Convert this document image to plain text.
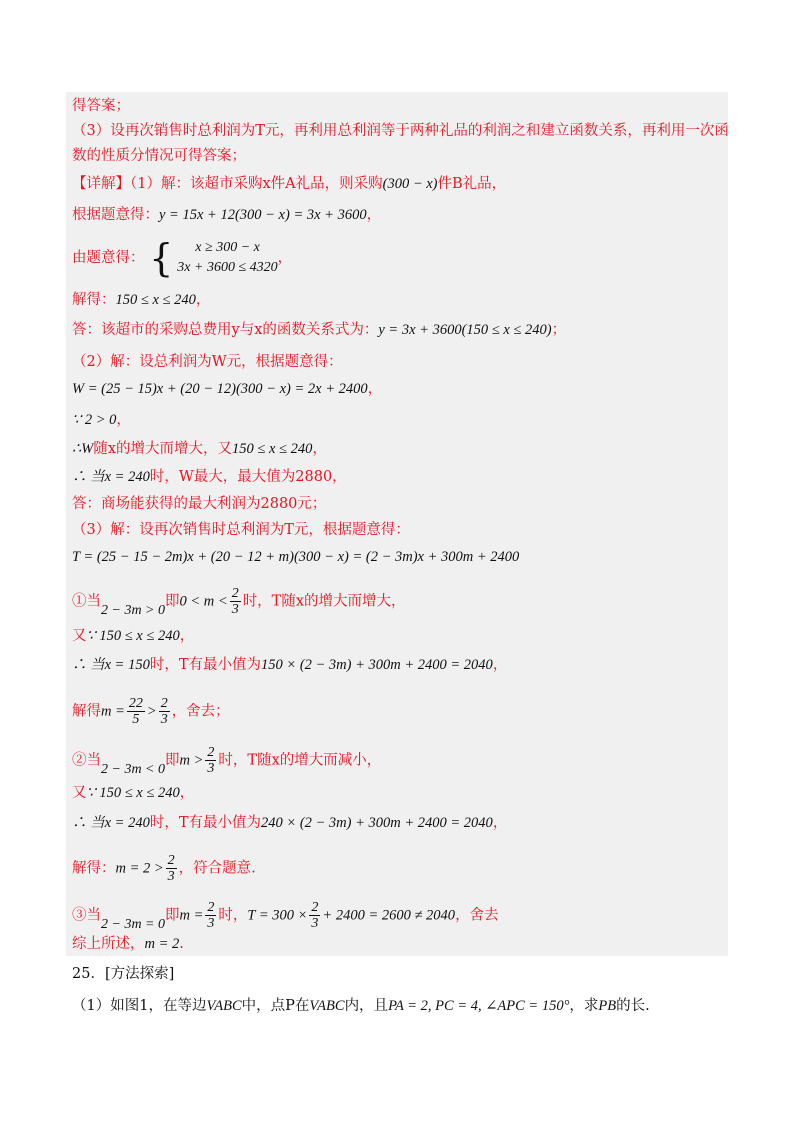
得答案；
（3）设再次销售时总利润为T元，再利用总利润等于两种礼品的利润之和建立函数关系，再利用一次函
数的性质分情况可得答案；
【详解】（1）解：该超市采购x件A礼品，则采购(300 − x)件B礼品，
根据题意得：y = 15x + 12(300 − x) = 3x + 3600，
由题意得： {	x ≥ 300 − x
3x + 3600 ≤ 4320
，
解得：150 ≤ x ≤ 240，
答：该超市的采购总费用y与x的函数关系式为：y = 3x + 3600(150 ≤ x ≤ 240)；
（2）解：设总利润为W元，根据题意得：
W = (25 − 15)x + (20 − 12)(300 − x) = 2x + 2400，
∵ 2 > 0，
∴W随x的增大而增大，又150 ≤ x ≤ 240，
∴ 当x = 240时，W最大，最大值为2880，
答：商场能获得的最大利润为2880元；
（3）解：设再次销售时总利润为T元，根据题意得：
T = (25 − 15 − 2m)x + (20 − 12 + m)(300 − x) = (2 − 3m)x + 300m + 2400
①当2 − 3m > 0即$0 < m < \frac{2}{3}$ 时，T随x的增大而增大，
又∵ 150 ≤ x ≤ 240，
∴ 当x = 150时，T有最小值为150 × (2 − 3m) + 300m + 2400 = 2040，
解得$m = \frac{22}{5} > \frac{2}{3}$ ，舍去；
②当2 − 3m < 0即$m > \frac{2}{3}$ 时，T随x的增大而减小，
又∵ 150 ≤ x ≤ 240，
∴ 当x = 240时，T有最小值为240 × (2 − 3m) + 300m + 2400 = 2040，
解得：$m = 2 > \frac{2}{3}$ ，符合题意.
③当2 − 3m = 0即$m = \frac{2}{3}$ 时，$T = 300 \times \frac{2}{3} + 2400 = 2600 \ne 2040$，舍去
综上所述，m = 2.
25．[方法探索]
（1）如图1，在等边VABC中，点P在VABC内，且PA = 2, PC = 4, ∠APC = 150°，求PB的长.
